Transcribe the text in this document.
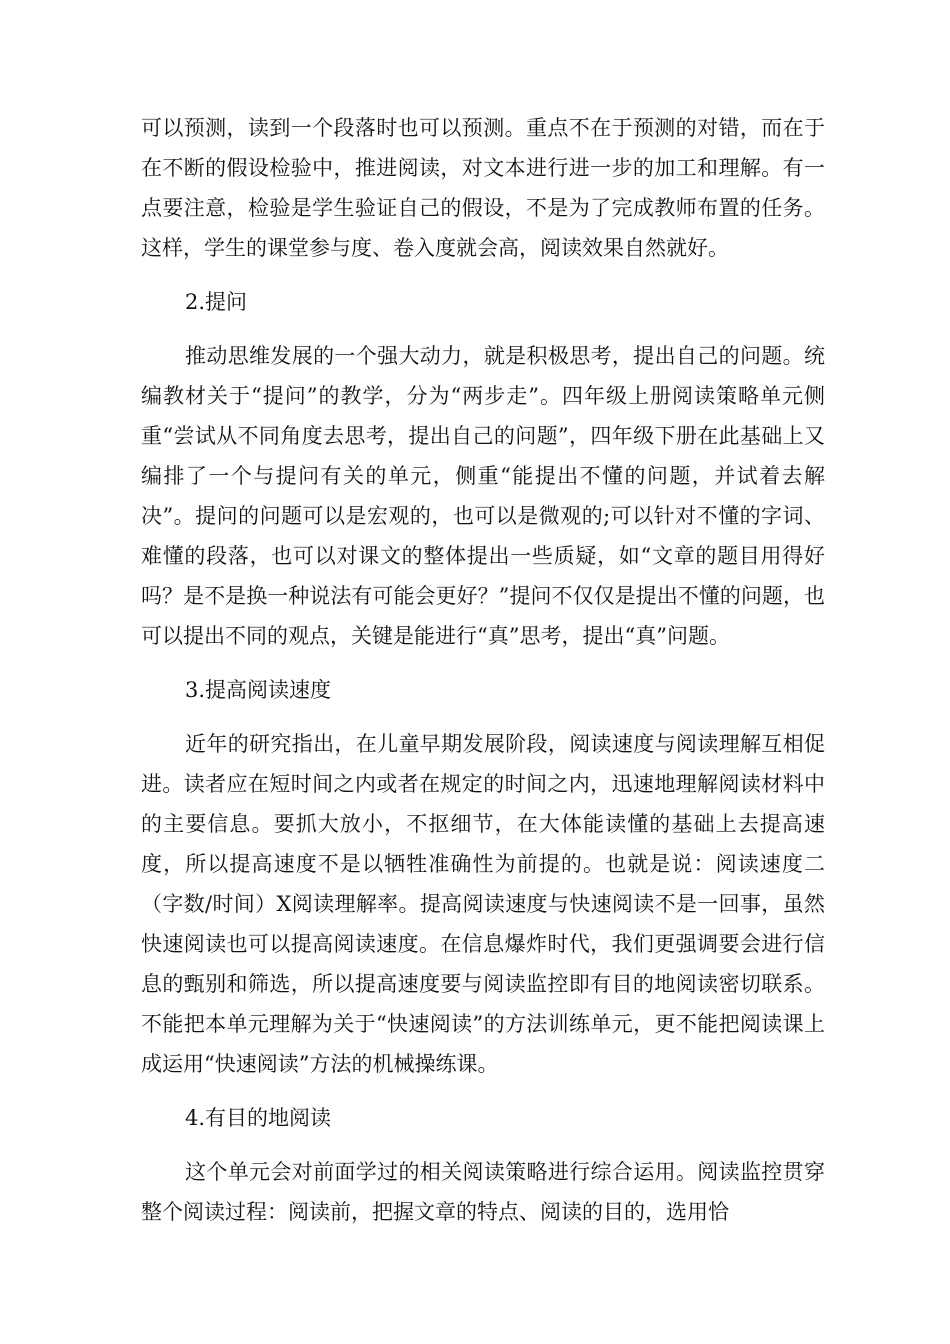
可以预测，读到一个段落时也可以预测。重点不在于预测的对错，而在于在不断的假设检验中，推进阅读，对文本进行进一步的加工和理解。有一点要注意，检验是学生验证自己的假设，不是为了完成教师布置的任务。这样，学生的课堂参与度、卷入度就会高，阅读效果自然就好。

2.提问

推动思维发展的一个强大动力，就是积极思考，提出自己的问题。统编教材关于“提问”的教学，分为“两步走”。四年级上册阅读策略单元侧重“尝试从不同角度去思考，提出自己的问题”，四年级下册在此基础上又编排了一个与提问有关的单元，侧重“能提出不懂的问题，并试着去解决”。提问的问题可以是宏观的，也可以是微观的;可以针对不懂的字词、难懂的段落，也可以对课文的整体提出一些质疑，如“文章的题目用得好吗？是不是换一种说法有可能会更好？”提问不仅仅是提出不懂的问题，也可以提出不同的观点，关键是能进行“真”思考，提出“真”问题。

3.提高阅读速度

近年的研究指出，在儿童早期发展阶段，阅读速度与阅读理解互相促进。读者应在短时间之内或者在规定的时间之内，迅速地理解阅读材料中的主要信息。要抓大放小，不抠细节，在大体能读懂的基础上去提高速度，所以提高速度不是以牺牲准确性为前提的。也就是说：阅读速度二（字数/时间）X阅读理解率。提高阅读速度与快速阅读不是一回事，虽然快速阅读也可以提高阅读速度。在信息爆炸时代，我们更强调要会进行信息的甄别和筛选，所以提高速度要与阅读监控即有目的地阅读密切联系。不能把本单元理解为关于“快速阅读”的方法训练单元，更不能把阅读课上成运用“快速阅读”方法的机械操练课。

4.有目的地阅读

这个单元会对前面学过的相关阅读策略进行综合运用。阅读监控贯穿整个阅读过程：阅读前，把握文章的特点、阅读的目的，选用恰
